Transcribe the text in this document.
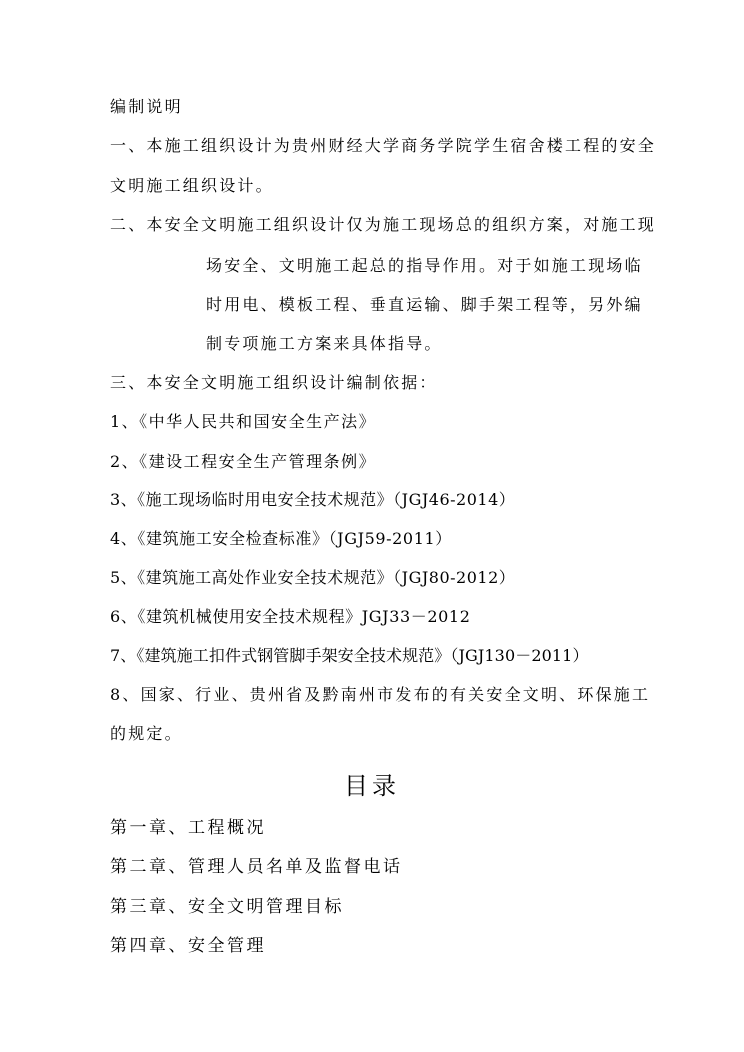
编制说明
一、本施工组织设计为贵州财经大学商务学院学生宿舍楼工程的安全
文明施工组织设计。
二、本安全文明施工组织设计仅为施工现场总的组织方案，对施工现
场安全、文明施工起总的指导作用。对于如施工现场临
时用电、模板工程、垂直运输、脚手架工程等，另外编
制专项施工方案来具体指导。
三、本安全文明施工组织设计编制依据：
1、《中华人民共和国安全生产法》
2、《建设工程安全生产管理条例》
3、《施工现场临时用电安全技术规范》（JGJ46-2014）
4、《建筑施工安全检查标准》（JGJ59-2011）
5、《建筑施工高处作业安全技术规范》（JGJ80-2012）
6、《建筑机械使用安全技术规程》JGJ33－2012
7、《建筑施工扣件式钢管脚手架安全技术规范》（JGJ130－2011）
8、国家、行业、贵州省及黔南州市发布的有关安全文明、环保施工
的规定。
目录
第一章、工程概况
第二章、管理人员名单及监督电话
第三章、安全文明管理目标
第四章、安全管理
